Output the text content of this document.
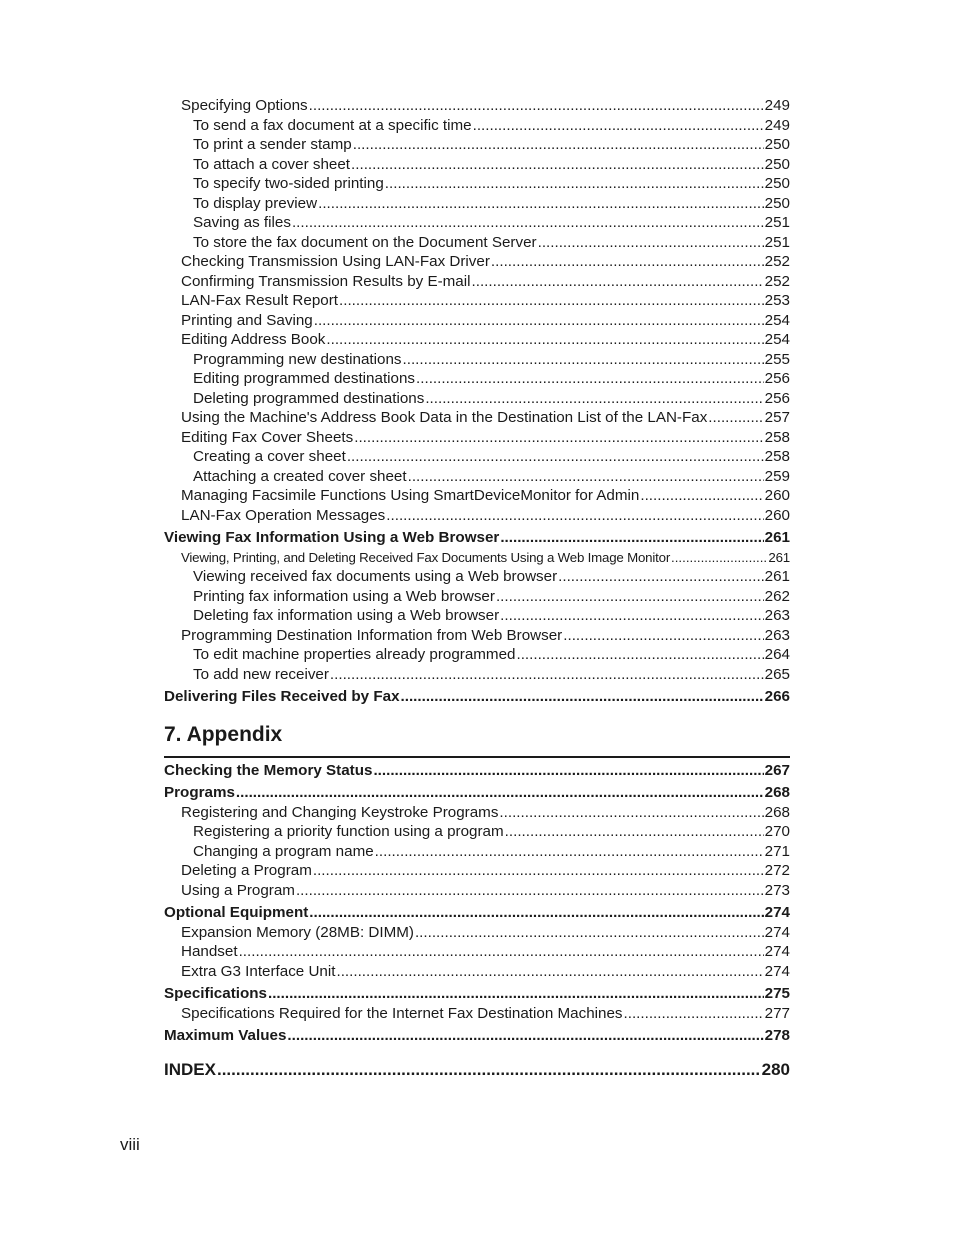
Specifying Options .....	249
To send a fax document at a specific time .....	249
To print a sender stamp .....	250
To attach a cover sheet .....	250
To specify two-sided printing .....	250
To display preview .....	250
Saving as files .....	251
To store the fax document on the Document Server .....	251
Checking Transmission Using LAN-Fax Driver .....	252
Confirming Transmission Results by E-mail .....	252
LAN-Fax Result Report .....	253
Printing and Saving .....	254
Editing Address Book .....	254
Programming new destinations .....	255
Editing programmed destinations .....	256
Deleting programmed destinations .....	256
Using the Machine's Address Book Data in the Destination List of the LAN-Fax .....	257
Editing Fax Cover Sheets .....	258
Creating a cover sheet .....	258
Attaching a created cover sheet .....	259
Managing Facsimile Functions Using SmartDeviceMonitor for Admin .....	260
LAN-Fax Operation Messages .....	260
Viewing Fax Information Using a Web Browser .....	261
Viewing, Printing, and Deleting Received Fax Documents Using a Web Image Monitor .....	261
Viewing received fax documents using a Web browser .....	261
Printing fax information using a Web browser .....	262
Deleting fax information using a Web browser .....	263
Programming Destination Information from Web Browser .....	263
To edit machine properties already programmed .....	264
To add new receiver .....	265
Delivering Files Received by Fax .....	266
7. Appendix
Checking the Memory Status .....	267
Programs .....	268
Registering and Changing Keystroke Programs .....	268
Registering a priority function using a program .....	270
Changing a program name .....	271
Deleting a Program .....	272
Using a Program .....	273
Optional Equipment .....	274
Expansion Memory (28MB: DIMM) .....	274
Handset .....	274
Extra G3 Interface Unit .....	274
Specifications .....	275
Specifications Required for the Internet Fax Destination Machines .....	277
Maximum Values .....	278
INDEX .....	280
viii
